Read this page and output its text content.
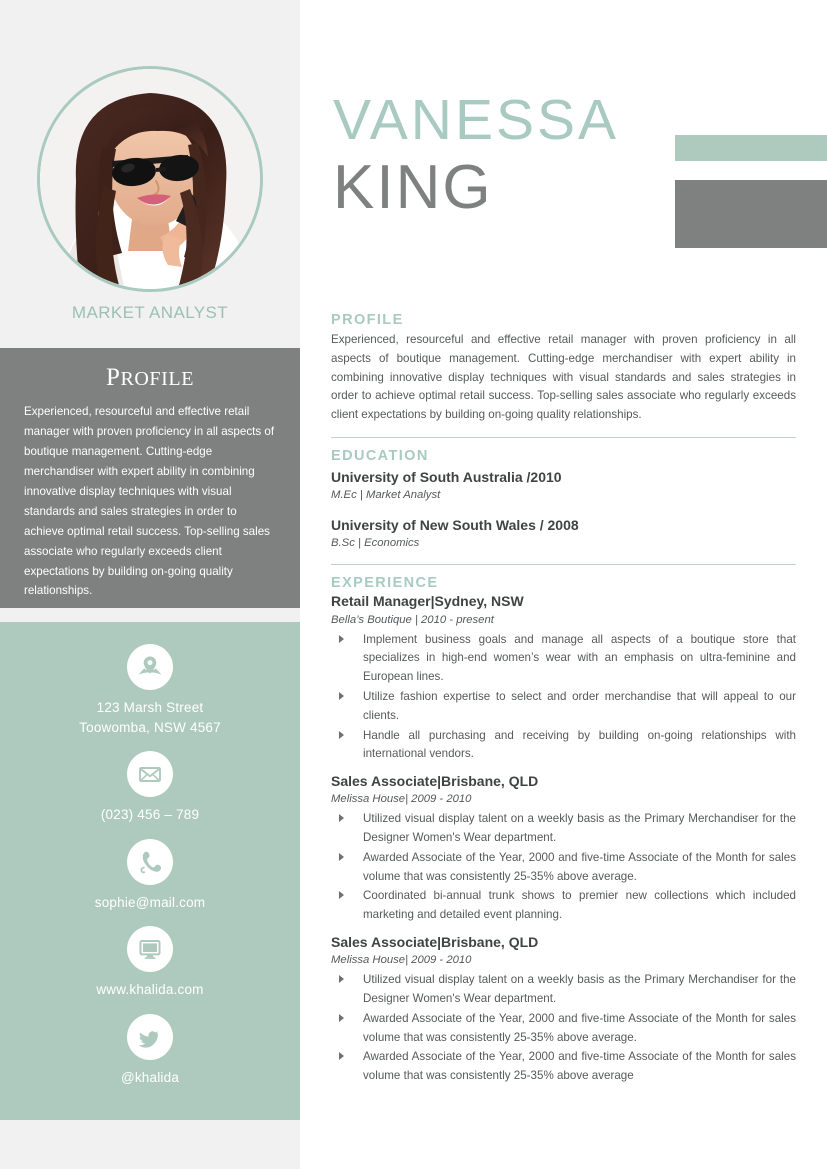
MARKET ANALYST
PROFILE
Experienced, resourceful and effective retail manager with proven proficiency in all aspects of boutique management. Cutting-edge merchandiser with expert ability in combining innovative display techniques with visual standards and sales strategies in order to achieve optimal retail success. Top-selling sales associate who regularly exceeds client expectations by building on-going quality relationships.
123 Marsh Street
Toowomba, NSW 4567
(023) 456 – 789
sophie@mail.com
www.khalida.com
@khalida
VANESSA
KING
PROFILE
Experienced, resourceful and effective retail manager with proven proficiency in all aspects of boutique management. Cutting-edge merchandiser with expert ability in combining innovative display techniques with visual standards and sales strategies in order to achieve optimal retail success. Top-selling sales associate who regularly exceeds client expectations by building on-going quality relationships.
EDUCATION
University of South Australia /2010
M.Ec | Market Analyst
University of New South Wales / 2008
B.Sc | Economics
EXPERIENCE
Retail Manager|Sydney, NSW
Bella’s Boutique | 2010 - present
Implement business goals and manage all aspects of a boutique store that specializes in high-end women’s wear with an emphasis on ultra-feminine and European lines.
Utilize fashion expertise to select and order merchandise that will appeal to our clients.
Handle all purchasing and receiving by building on-going relationships with international vendors.
Sales Associate|Brisbane, QLD
Melissa House| 2009 - 2010
Utilized visual display talent on a weekly basis as the Primary Merchandiser for the Designer Women's Wear department.
Awarded Associate of the Year, 2000 and five-time Associate of the Month for sales volume that was consistently 25-35% above average.
Coordinated bi-annual trunk shows to premier new collections which included marketing and detailed event planning.
Sales Associate|Brisbane, QLD
Melissa House| 2009 - 2010
Utilized visual display talent on a weekly basis as the Primary Merchandiser for the Designer Women's Wear department.
Awarded Associate of the Year, 2000 and five-time Associate of the Month for sales volume that was consistently 25-35% above average.
Awarded Associate of the Year, 2000 and five-time Associate of the Month for sales volume that was consistently 25-35% above average
